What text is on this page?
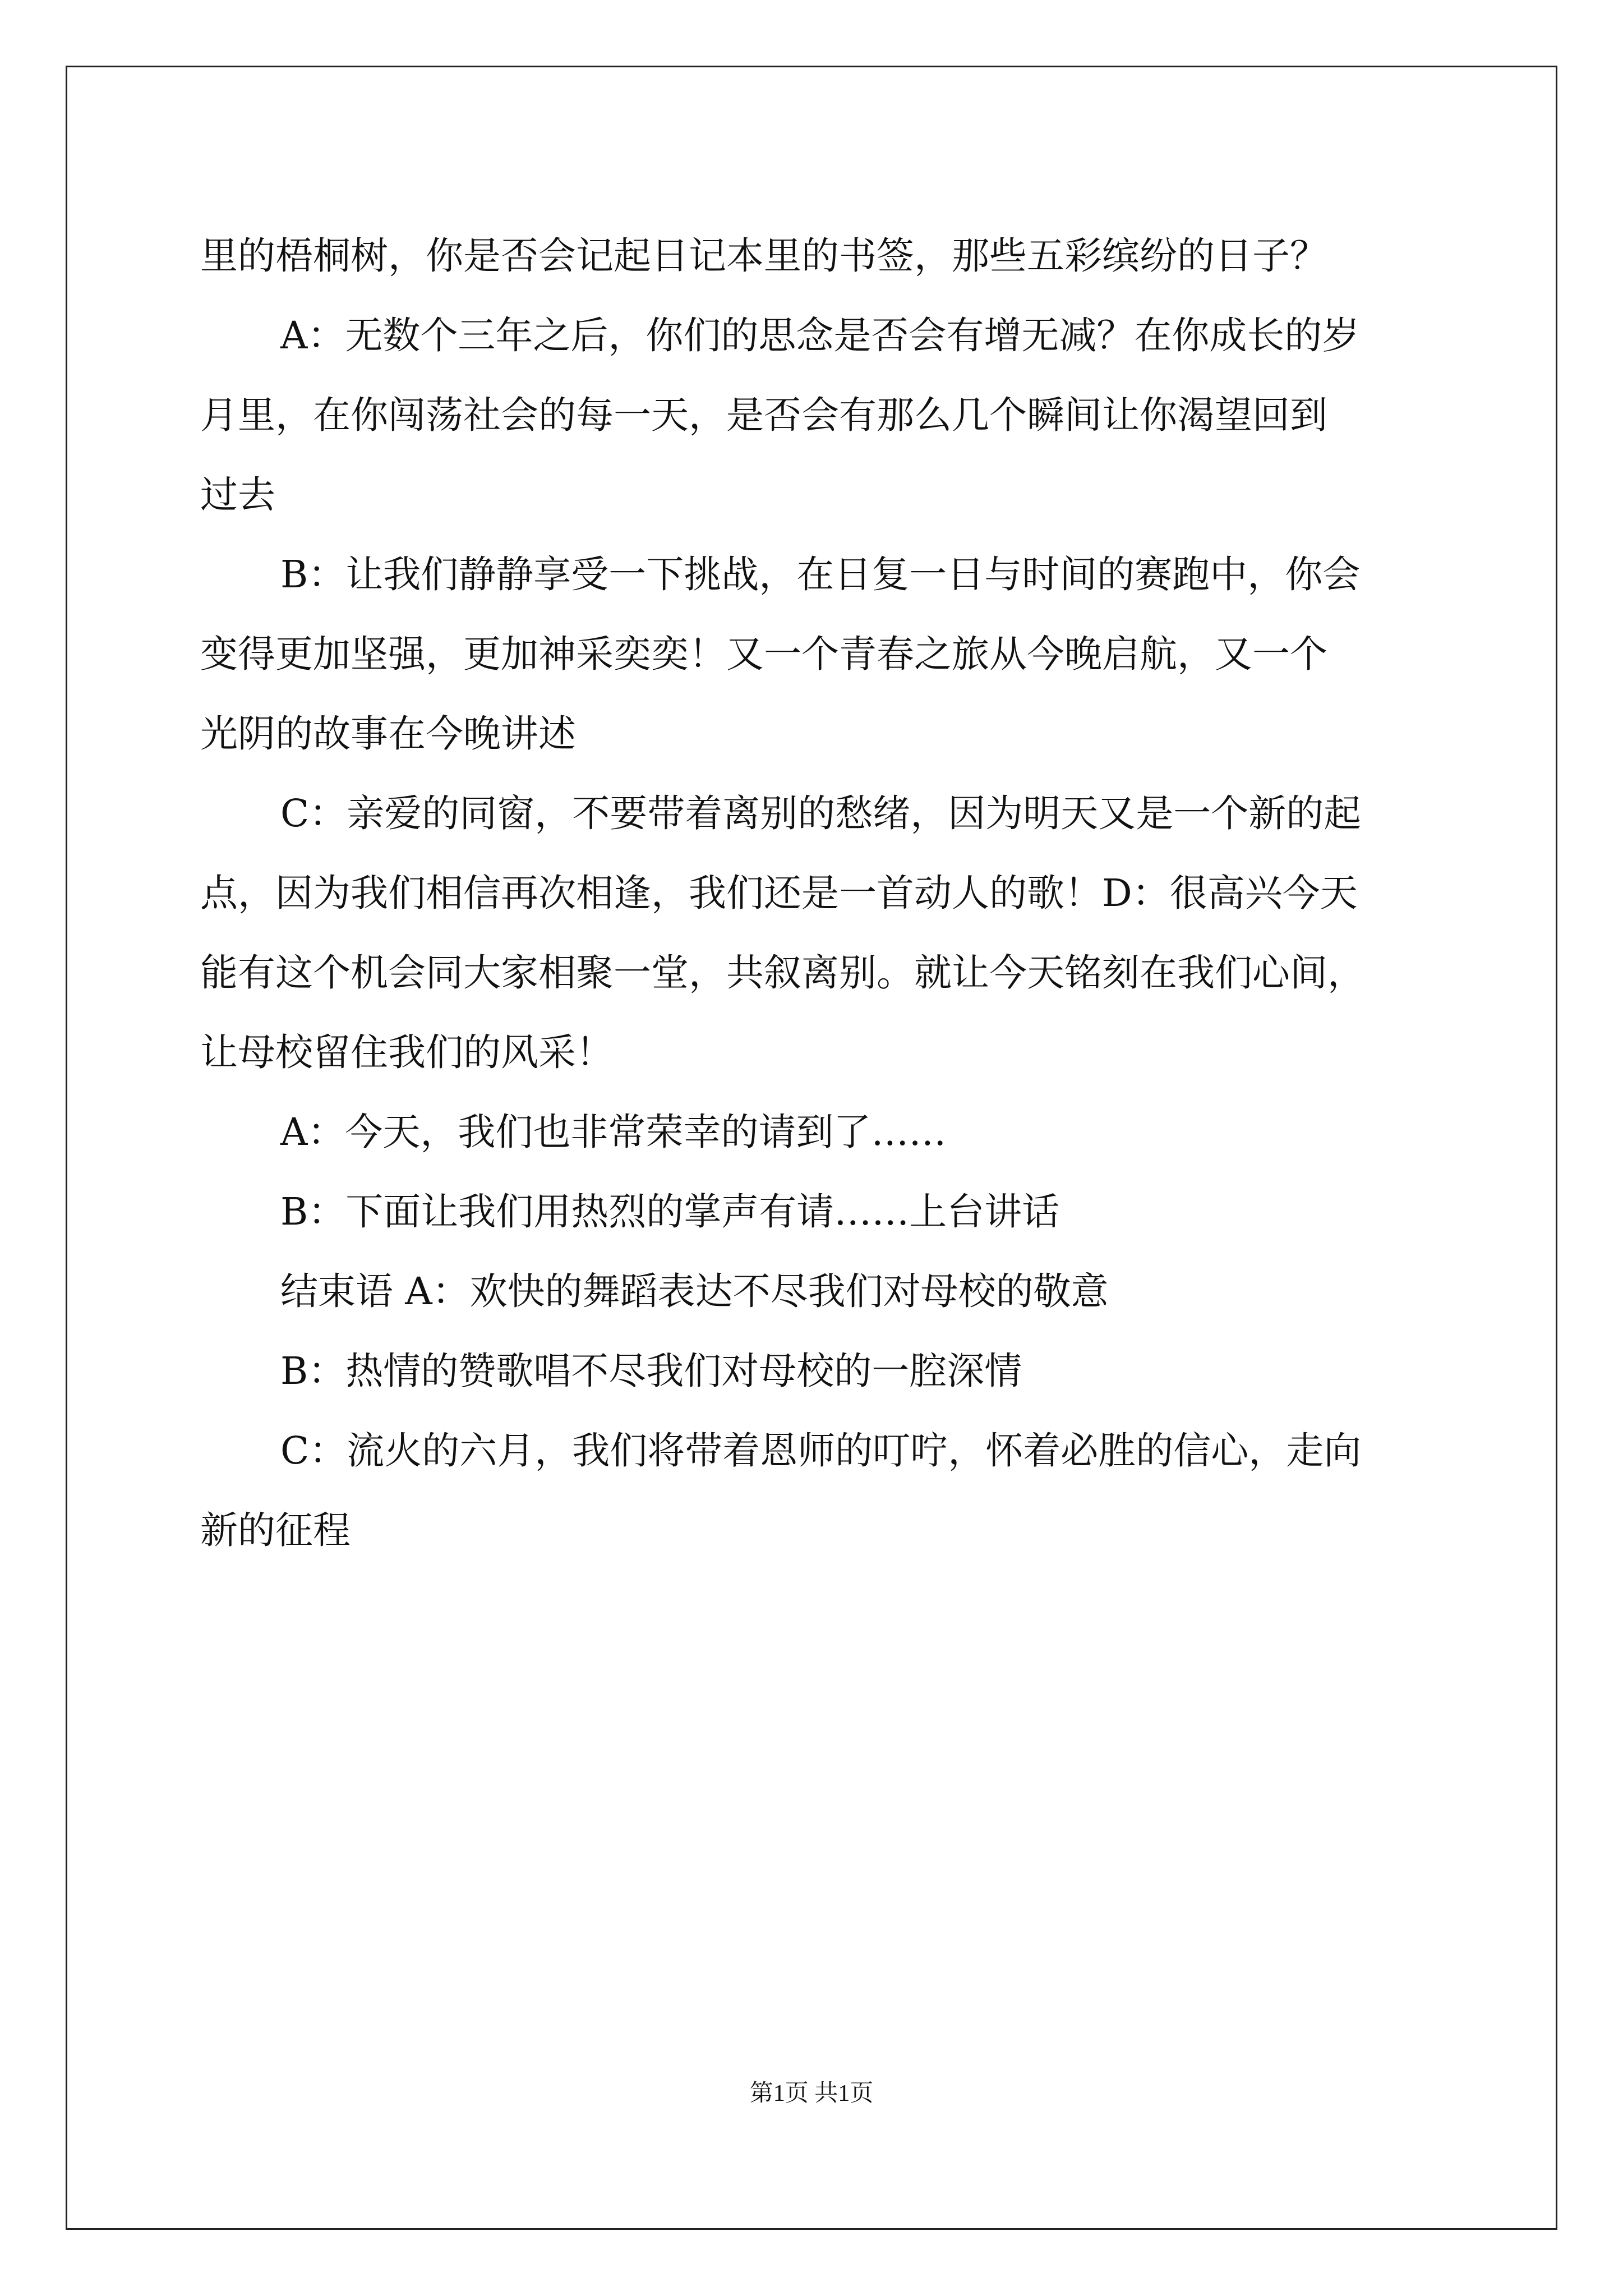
里的梧桐树，你是否会记起日记本里的书签，那些五彩缤纷的日子？
A：无数个三年之后，你们的思念是否会有增无减？在你成长的岁
月里，在你闯荡社会的每一天，是否会有那么几个瞬间让你渴望回到
过去
B：让我们静静享受一下挑战，在日复一日与时间的赛跑中，你会
变得更加坚强，更加神采奕奕！又一个青春之旅从今晚启航，又一个
光阴的故事在今晚讲述
C：亲爱的同窗，不要带着离别的愁绪，因为明天又是一个新的起
点，因为我们相信再次相逢，我们还是一首动人的歌！D：很高兴今天
能有这个机会同大家相聚一堂，共叙离别。就让今天铭刻在我们心间，
让母校留住我们的风采！
A：今天，我们也非常荣幸的请到了……
B：下面让我们用热烈的掌声有请……上台讲话
结束语 A：欢快的舞蹈表达不尽我们对母校的敬意
B：热情的赞歌唱不尽我们对母校的一腔深情
C：流火的六月，我们将带着恩师的叮咛，怀着必胜的信心，走向
新的征程
第1页 共1页
